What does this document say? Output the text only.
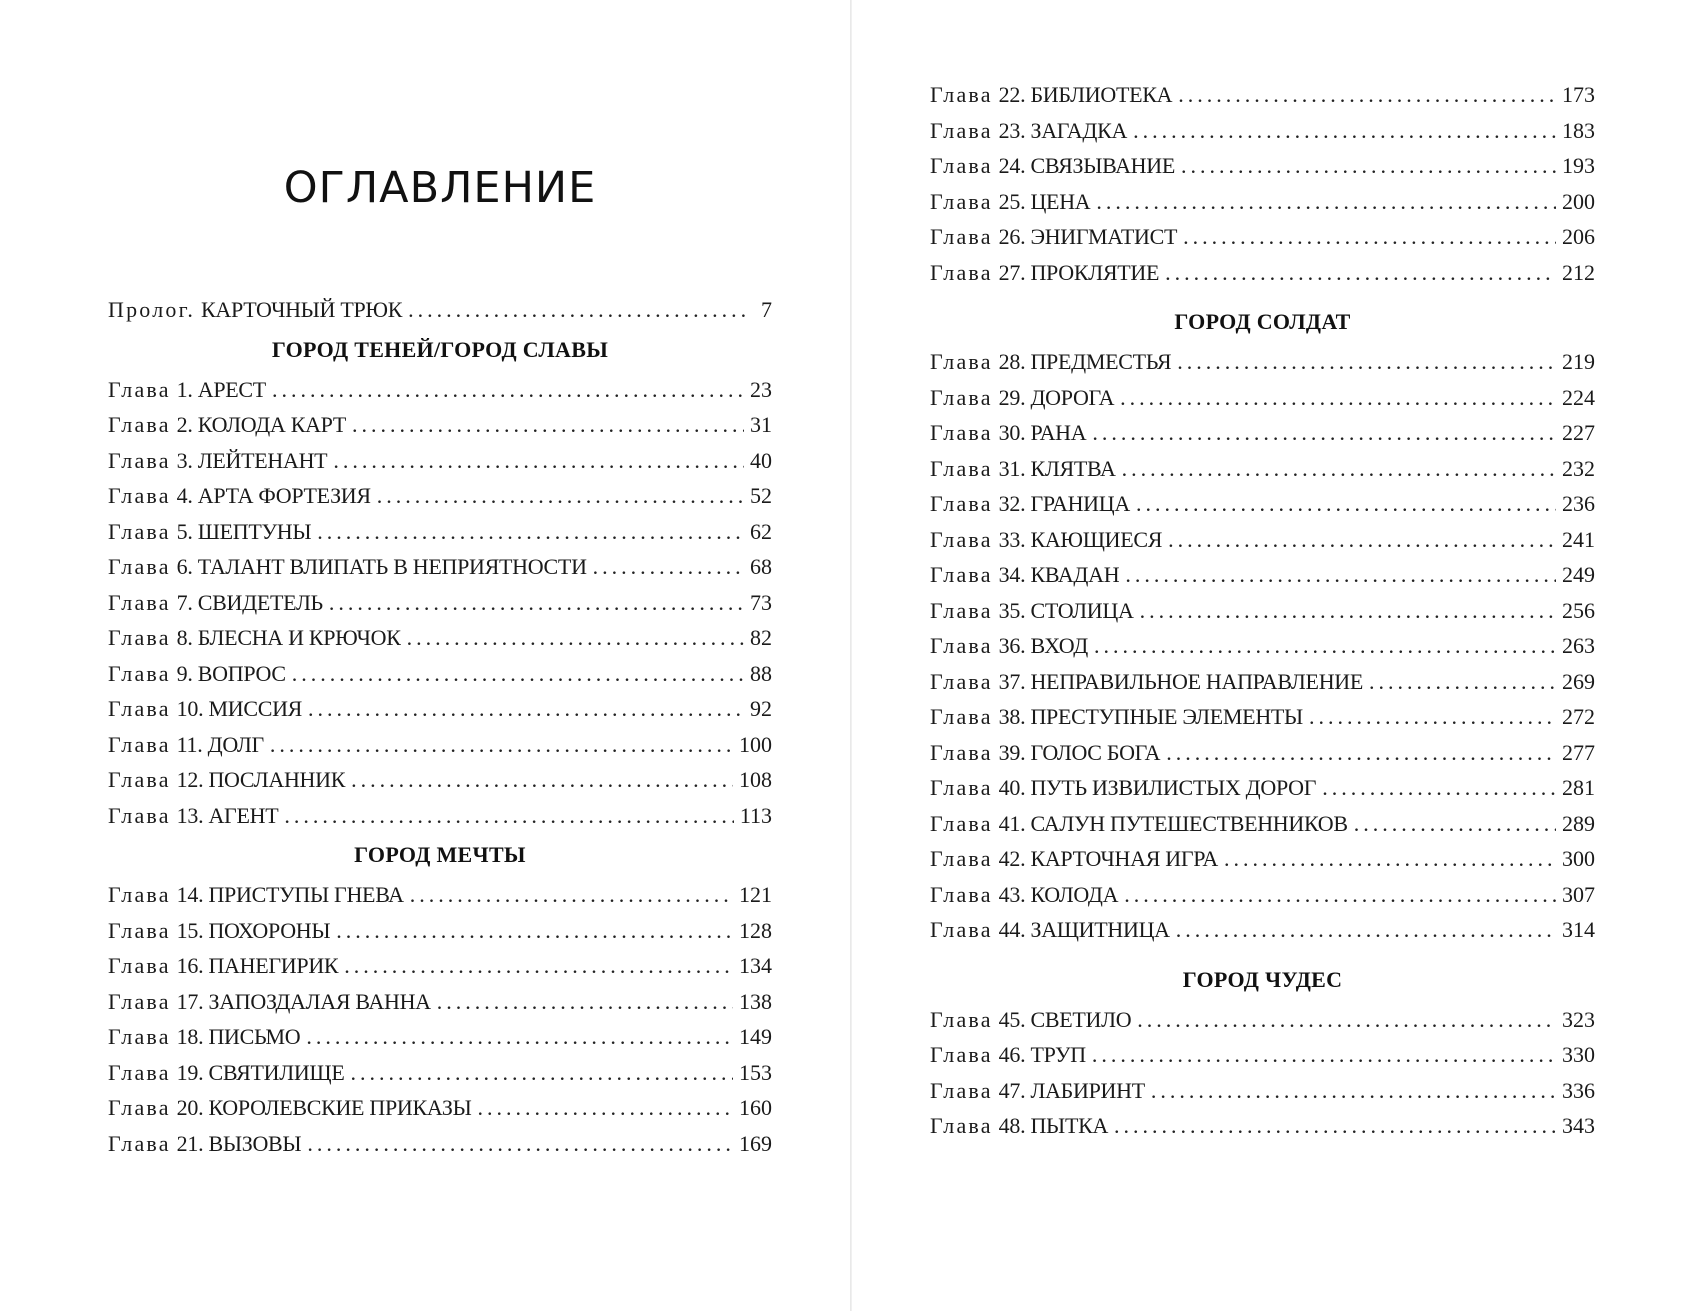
ОГЛАВЛЕНИЕ
Пролог. КАРТОЧНЫЙ ТРЮК . . .	7
ГОРОД ТЕНЕЙ/ГОРОД СЛАВЫ
Глава 1. АРЕСТ . . .	23
Глава 2. КОЛОДА КАРТ . . .	31
Глава 3. ЛЕЙТЕНАНТ . . .	40
Глава 4. АРТА ФОРТЕЗИЯ . . .	52
Глава 5. ШЕПТУНЫ . . .	62
Глава 6. ТАЛАНТ ВЛИПАТЬ В НЕПРИЯТНОСТИ . . .	68
Глава 7. СВИДЕТЕЛЬ . . .	73
Глава 8. БЛЕСНА И КРЮЧОК . . .	82
Глава 9. ВОПРОС . . .	88
Глава 10. МИССИЯ . . .	92
Глава 11. ДОЛГ . . .	100
Глава 12. ПОСЛАННИК . . .	108
Глава 13. АГЕНТ . . .	113
ГОРОД МЕЧТЫ
Глава 14. ПРИСТУПЫ ГНЕВА . . .	121
Глава 15. ПОХОРОНЫ . . .	128
Глава 16. ПАНЕГИРИК . . .	134
Глава 17. ЗАПОЗДАЛАЯ ВАННА . . .	138
Глава 18. ПИСЬМО . . .	149
Глава 19. СВЯТИЛИЩЕ . . .	153
Глава 20. КОРОЛЕВСКИЕ ПРИКАЗЫ . . .	160
Глава 21. ВЫЗОВЫ . . .	169
Глава 22. БИБЛИОТЕКА . . .	173
Глава 23. ЗАГАДКА . . .	183
Глава 24. СВЯЗЫВАНИЕ . . .	193
Глава 25. ЦЕНА . . .	200
Глава 26. ЭНИГМАТИСТ . . .	206
Глава 27. ПРОКЛЯТИЕ . . .	212
ГОРОД СОЛДАТ
Глава 28. ПРЕДМЕСТЬЯ . . .	219
Глава 29. ДОРОГА . . .	224
Глава 30. РАНА . . .	227
Глава 31. КЛЯТВА . . .	232
Глава 32. ГРАНИЦА . . .	236
Глава 33. КАЮЩИЕСЯ . . .	241
Глава 34. КВАДАН . . .	249
Глава 35. СТОЛИЦА . . .	256
Глава 36. ВХОД . . .	263
Глава 37. НЕПРАВИЛЬНОЕ НАПРАВЛЕНИЕ . . .	269
Глава 38. ПРЕСТУПНЫЕ ЭЛЕМЕНТЫ . . .	272
Глава 39. ГОЛОС БОГА . . .	277
Глава 40. ПУТЬ ИЗВИЛИСТЫХ ДОРОГ . . .	281
Глава 41. САЛУН ПУТЕШЕСТВЕННИКОВ . . .	289
Глава 42. КАРТОЧНАЯ ИГРА . . .	300
Глава 43. КОЛОДА . . .	307
Глава 44. ЗАЩИТНИЦА . . .	314
ГОРОД ЧУДЕС
Глава 45. СВЕТИЛО . . .	323
Глава 46. ТРУП . . .	330
Глава 47. ЛАБИРИНТ . . .	336
Глава 48. ПЫТКА . . .	343
